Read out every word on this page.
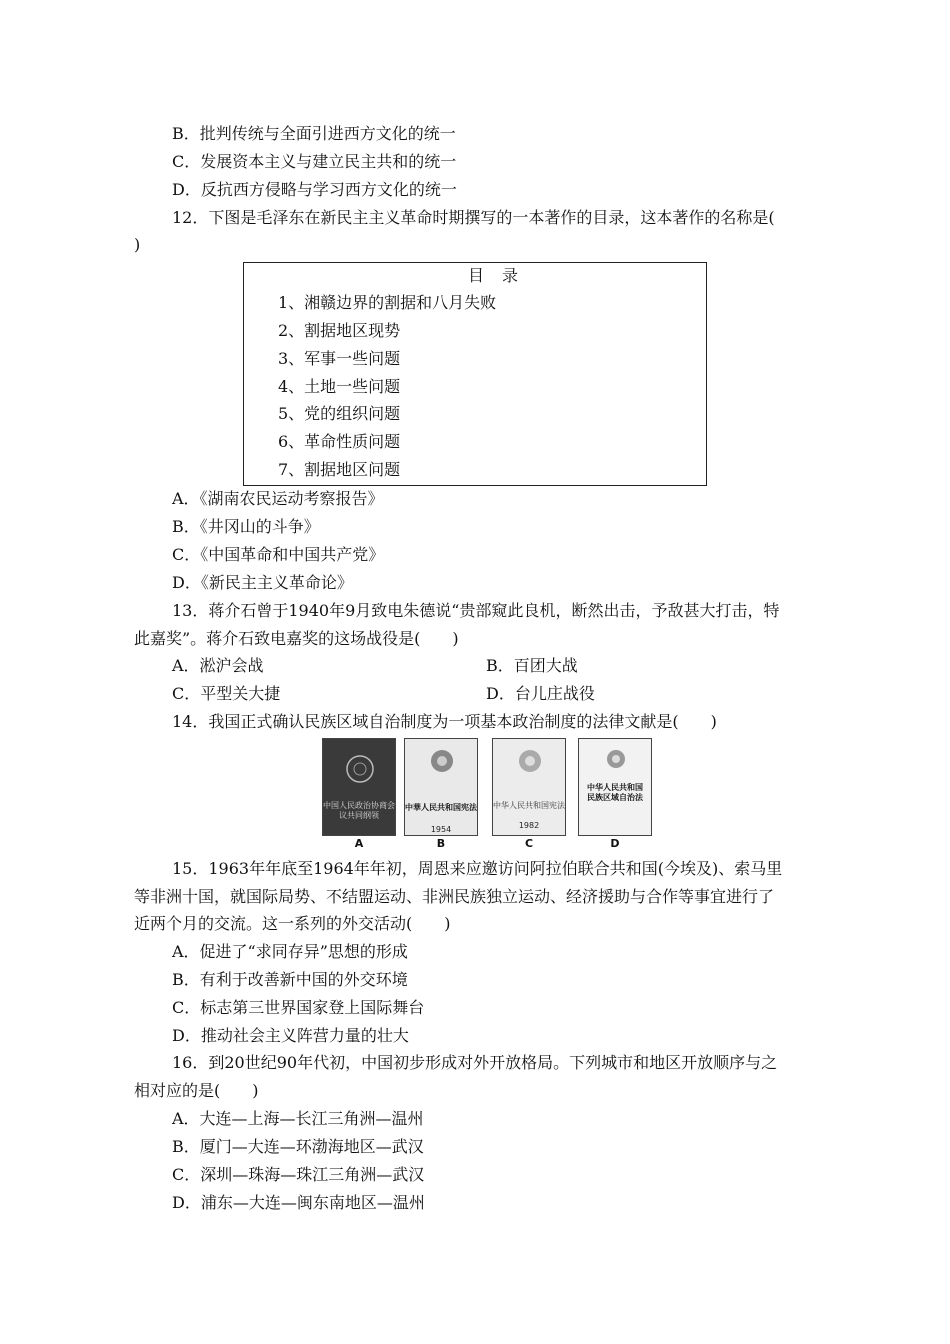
B．批判传统与全面引进西方文化的统一
C．发展资本主义与建立民主共和的统一
D．反抗西方侵略与学习西方文化的统一
12．下图是毛泽东在新民主主义革命时期撰写的一本著作的目录，这本著作的名称是(
)
目录
1、湘赣边界的割据和八月失败
2、割据地区现势
3、军事一些问题
4、土地一些问题
5、党的组织问题
6、革命性质问题
7、割据地区问题
A．《湖南农民运动考察报告》
B．《井冈山的斗争》
C．《中国革命和中国共产党》
D．《新民主主义革命论》
13．蒋介石曾于1940年9月致电朱德说“贵部窥此良机，断然出击，予敌甚大打击，特
此嘉奖”。蒋介石致电嘉奖的这场战役是(　　)
A．淞沪会战	B．百团大战
C．平型关大捷	D．台儿庄战役
14．我国正式确认民族区域自治制度为一项基本政治制度的法律文献是(　　)
中国人民政治协商会议共同纲领
A
中華人民共和国宪法
1954
B
中华人民共和国宪法
1982
C
中华人民共和国民族区域自治法
D
15．1963年年底至1964年年初，周恩来应邀访问阿拉伯联合共和国(今埃及)、索马里
等非洲十国，就国际局势、不结盟运动、非洲民族独立运动、经济援助与合作等事宜进行了
近两个月的交流。这一系列的外交活动(　　)
A．促进了“求同存异”思想的形成
B．有利于改善新中国的外交环境
C．标志第三世界国家登上国际舞台
D．推动社会主义阵营力量的壮大
16．到20世纪90年代初，中国初步形成对外开放格局。下列城市和地区开放顺序与之
相对应的是(　　)
A．大连—上海—长江三角洲—温州
B．厦门—大连—环渤海地区—武汉
C．深圳—珠海—珠江三角洲—武汉
D．浦东—大连—闽东南地区—温州
